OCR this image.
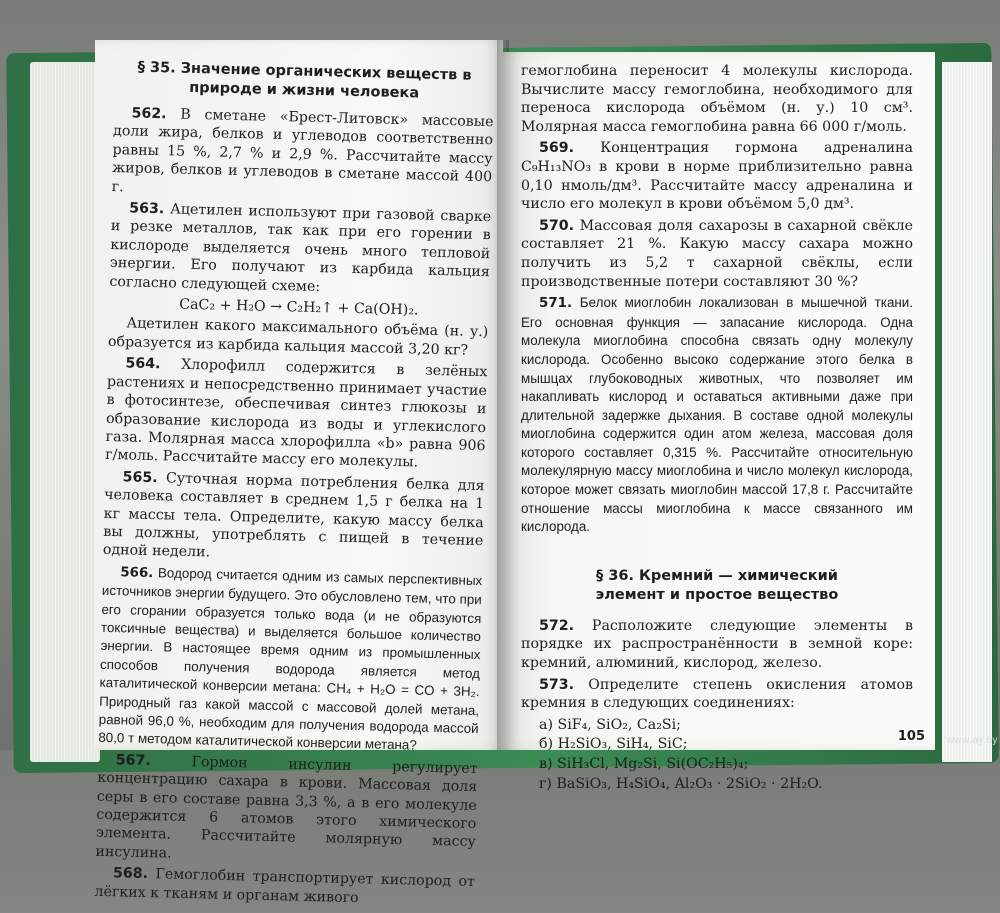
§ 35. Значение органических веществ в природе и жизни человека

562. В сметане «Брест-Литовск» массовые доли жира, белков и углеводов соответственно равны 15 %, 2,7 % и 2,9 %. Рассчитайте массу жиров, белков и углеводов в сметане массой 400 г.

563. Ацетилен используют при газовой сварке и резке металлов, так как при его горении в кислороде выделяется очень много тепловой энергии. Его получают из карбида кальция согласно следующей схеме:

CaC₂ + H₂O → C₂H₂↑ + Ca(OH)₂.

Ацетилен какого максимального объёма (н. у.) образуется из карбида кальция массой 3,20 кг?

564. Хлорофилл содержится в зелёных растениях и непосредственно принимает участие в фотосинтезе, обеспечивая синтез глюкозы и образование кислорода из воды и углекислого газа. Молярная масса хлорофилла «b» равна 906 г/моль. Рассчитайте массу его молекулы.

565. Суточная норма потребления белка для человека составляет в среднем 1,5 г белка на 1 кг массы тела. Определите, какую массу белка вы должны, употреблять с пищей в течение одной недели.

566. Водород считается одним из самых перспективных источников энергии будущего. Это обусловлено тем, что при его сгорании образуется только вода (и не образуются токсичные вещества) и выделяется большое количество энергии. В настоящее время одним из промышленных способов получения водорода является метод каталитической конверсии метана: CH₄ + H₂O = CO + 3H₂. Природный газ какой массой с массовой долей метана, равной 96,0 %, необходим для получения водорода массой 80,0 т методом каталитической конверсии метана?

567.	Гормон инсулин регулирует концентрацию сахара в крови. Массовая доля серы в его составе равна 3,3 %, а в его молекуле содержится 6 атомов этого химического элемента. Рассчитайте молярную массу инсулина.

568. Гемоглобин транспортирует кислород от лёгких к тканям и органам живого

гемоглобина переносит 4 молекулы кислорода. Вычислите массу гемоглобина, необходимого для переноса кислорода объёмом (н. у.) 10 см³. Молярная масса гемоглобина равна 66 000 г/моль.

569. Концентрация гормона адреналина C₉H₁₃NO₃ в крови в норме приблизительно равна 0,10 нмоль/дм³. Рассчитайте массу адреналина и число его молекул в крови объёмом 5,0 дм³.

570. Массовая доля сахарозы в сахарной свёкле составляет 21 %. Какую массу сахара можно получить из 5,2 т сахарной свёклы, если производственные потери составляют 30 %?

571. Белок миоглобин локализован в мышечной ткани. Его основная функция — запасание кислорода. Одна молекула миоглобина способна связать одну молекулу кислорода. Особенно высоко содержание этого белка в мышцах глубоководных животных, что позволяет им накапливать кислород и оставаться активными даже при длительной задержке дыхания. В составе одной молекулы миоглобина содержится один атом железа, массовая доля которого составляет 0,315 %. Рассчитайте относительную молекулярную массу миоглобина и число молекул кислорода, которое может связать миоглобин массой 17,8 г. Рассчитайте отношение массы миоглобина к массе связанного им кислорода.

§ 36. Кремний — химический элемент и простое вещество

572. Расположите следующие элементы в порядке их распространённости в земной коре: кремний, алюминий, кислород, железо.

573. Определите степень окисления атомов кремния в следующих соединениях:

а) SiF₄, SiO₂, Ca₂Si;
б) H₂SiO₃, SiH₄, SiC;
в) SiH₃Cl, Mg₂Si, Si(OC₂H₅)₄;
г) BaSiO₃, H₄SiO₄, Al₂O₃ · 2SiO₂ · 2H₂O.
105 www.ay.by
